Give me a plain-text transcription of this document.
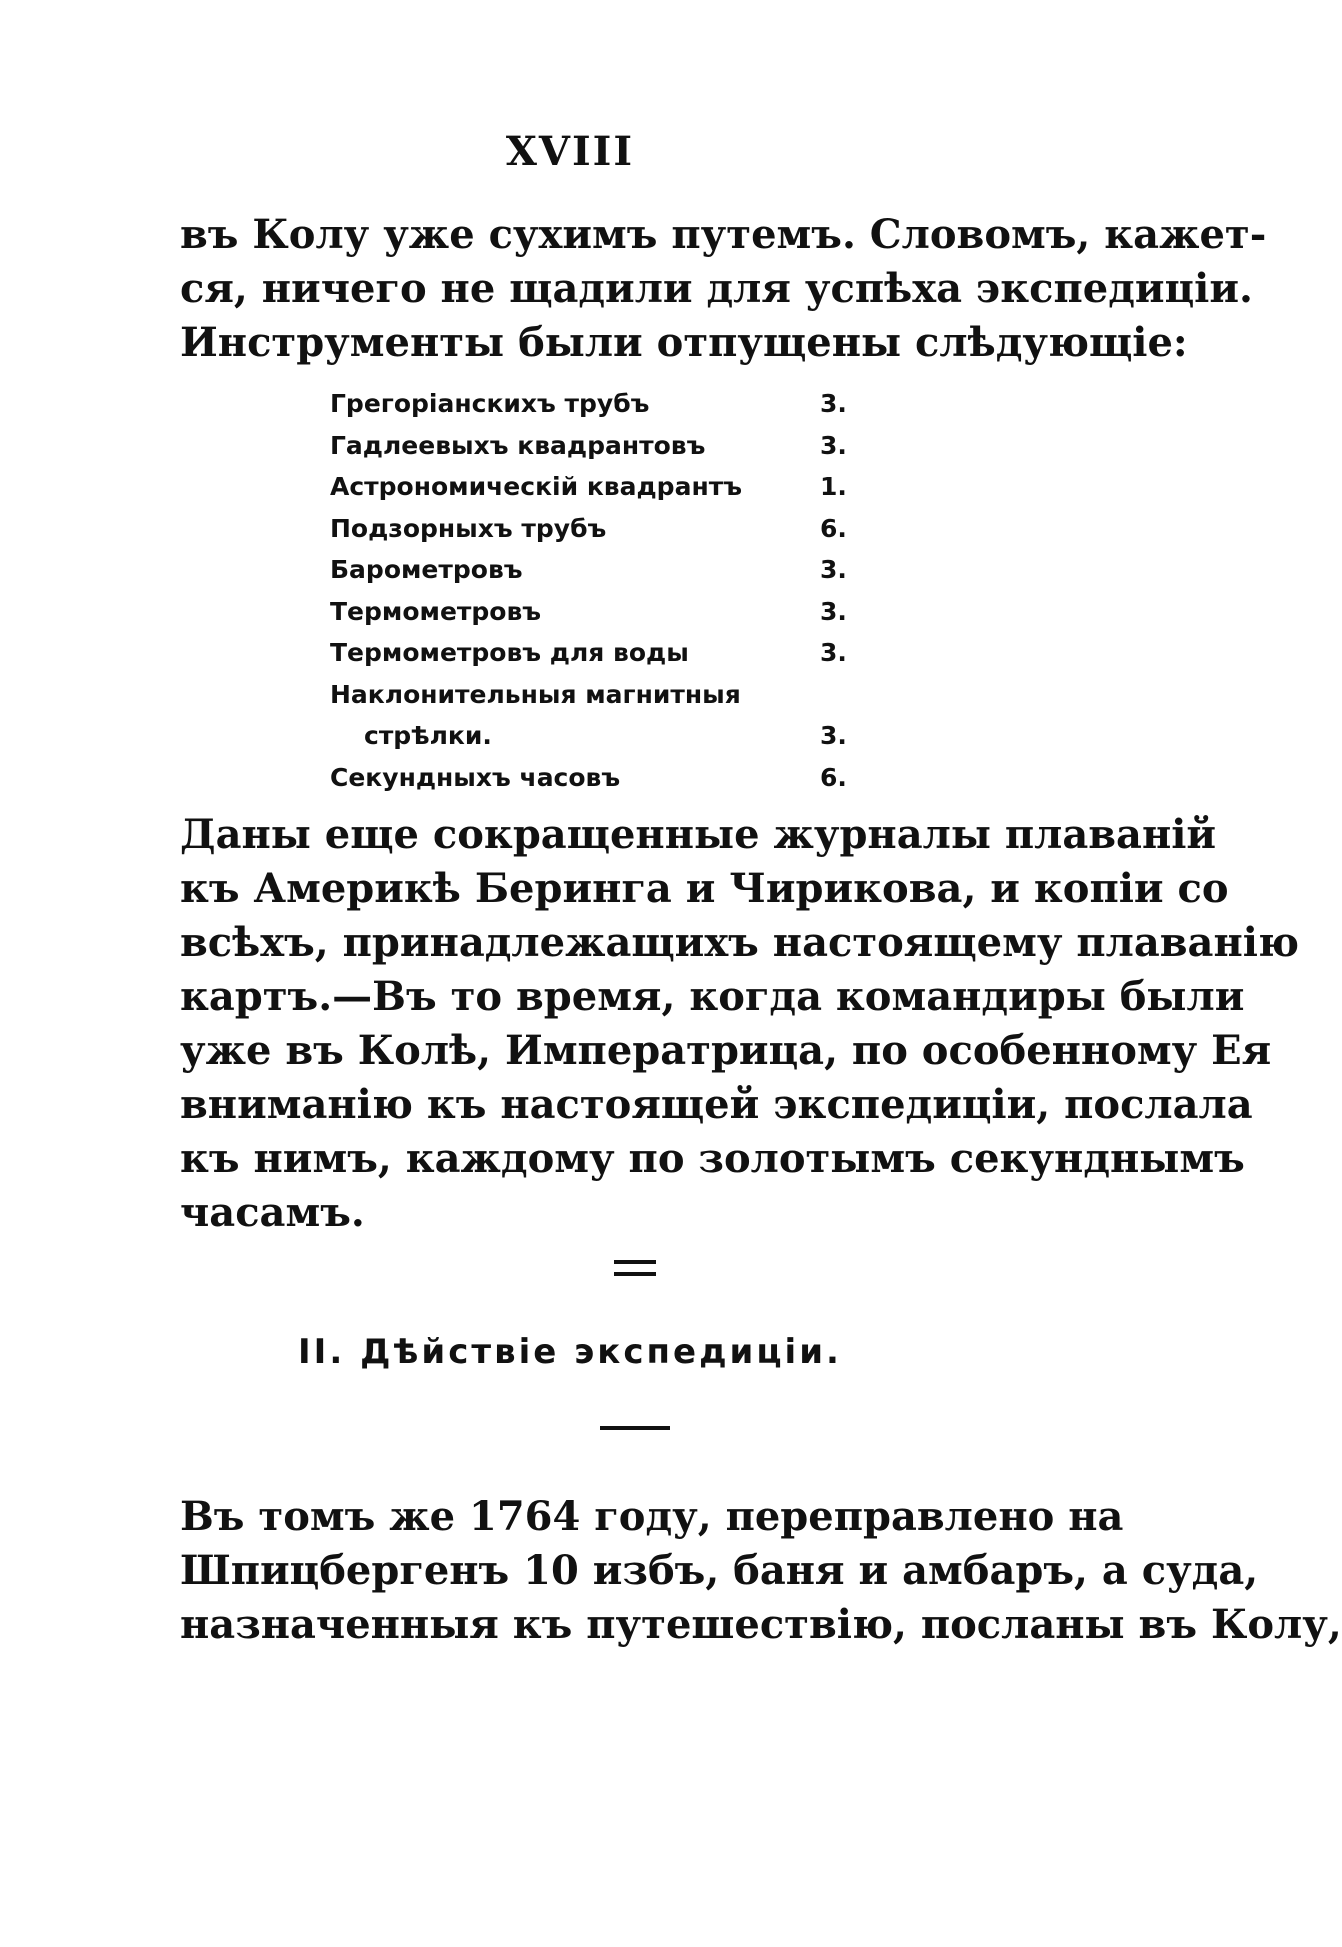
XVIII
въ Колу уже сухимъ путемъ. Словомъ, кажет-
ся, ничего не щадили для успѣха экспедиціи.
Инструменты были отпущены слѣдующіе:
Грегоріанскихъ трубъ	3.
Гадлеевыхъ квадрантовъ	3.
Астрономическій квадрантъ	1.
Подзорныхъ трубъ	6.
Барометровъ	3.
Термометровъ	3.
Термометровъ для воды	3.
Наклонительныя магнитныя
стрѣлки.	3.
Секундныхъ часовъ	6.
Даны еще сокращенные журналы плаваній
къ Америкѣ Беринга и Чирикова, и копіи со
всѣхъ, принадлежащихъ настоящему плаванію
картъ.—Въ то время, когда командиры были
уже въ Колѣ, Императрица, по особенному Ея
вниманію къ настоящей экспедиціи, послала
къ нимъ, каждому по золотымъ секунднымъ
часамъ.
II. Дѣйствіе экспедиціи.
Въ томъ же 1764 году, переправлено на
Шпицбергенъ 10 избъ, баня и амбаръ, а суда,
назначенныя къ путешествію, посланы въ Колу,
